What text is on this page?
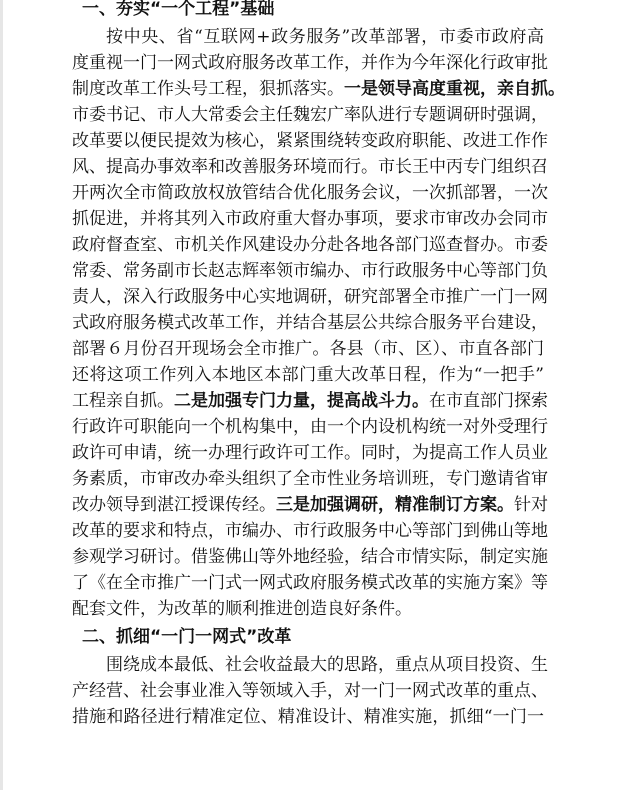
一、夯实“一个工程”基础
按中央、省“互联网+政务服务”改革部署，市委市政府高
度重视一门一网式政府服务改革工作，并作为今年深化行政审批
制度改革工作头号工程，狠抓落实。一是领导高度重视，亲自抓。
市委书记、市人大常委会主任魏宏广率队进行专题调研时强调，
改革要以便民提效为核心，紧紧围绕转变政府职能、改进工作作
风、提高办事效率和改善服务环境而行。市长王中丙专门组织召
开两次全市简政放权放管结合优化服务会议，一次抓部署，一次
抓促进，并将其列入市政府重大督办事项，要求市审改办会同市
政府督查室、市机关作风建设办分赴各地各部门巡查督办。市委
常委、常务副市长赵志辉率领市编办、市行政服务中心等部门负
责人，深入行政服务中心实地调研，研究部署全市推广一门一网
式政府服务模式改革工作，并结合基层公共综合服务平台建设，
部署６月份召开现场会全市推广。各县（市、区）、市直各部门
还将这项工作列入本地区本部门重大改革日程，作为“一把手”
工程亲自抓。二是加强专门力量，提高战斗力。在市直部门探索
行政许可职能向一个机构集中，由一个内设机构统一对外受理行
政许可申请，统一办理行政许可工作。同时，为提高工作人员业
务素质，市审改办牵头组织了全市性业务培训班，专门邀请省审
改办领导到湛江授课传经。三是加强调研，精准制订方案。针对
改革的要求和特点，市编办、市行政服务中心等部门到佛山等地
参观学习研讨。借鉴佛山等外地经验，结合市情实际，制定实施
了《在全市推广一门式一网式政府服务模式改革的实施方案》等
配套文件，为改革的顺利推进创造良好条件。
二、抓细“一门一网式”改革
围绕成本最低、社会收益最大的思路，重点从项目投资、生
产经营、社会事业准入等领域入手，对一门一网式改革的重点、
措施和路径进行精准定位、精准设计、精准实施，抓细“一门一
